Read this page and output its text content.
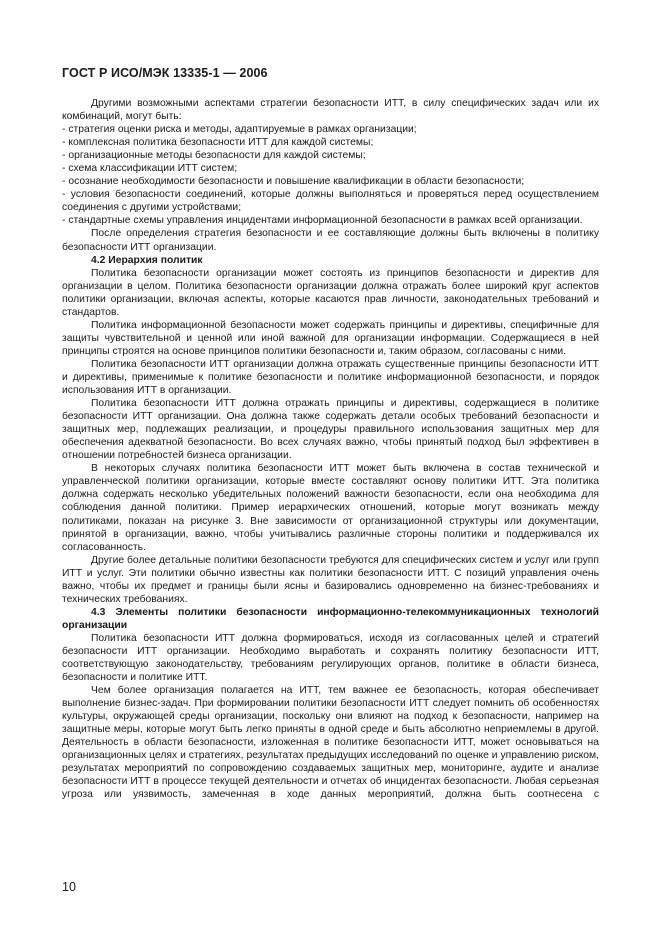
ГОСТ Р ИСО/МЭК 13335-1 — 2006

Другими возможными аспектами стратегии безопасности ИТТ, в силу специфических задач или их комбинаций, могут быть:

- стратегия оценки риска и методы, адаптируемые в рамках организации;

- комплексная политика безопасности ИТТ для каждой системы;

- организационные методы безопасности для каждой системы;

- схема классификации ИТТ систем;

- осознание необходимости безопасности и повышение квалификации в области безопасности;

- условия безопасности соединений, которые должны выполняться и проверяться перед осуществлением соединения с другими устройствами;

- стандартные схемы управления инцидентами информационной безопасности в рамках всей организации.

После определения стратегия безопасности и ее составляющие должны быть включены в политику безопасности ИТТ организации.

4.2 Иерархия политик

Политика безопасности организации может состоять из принципов безопасности и директив для организации в целом. Политика безопасности организации должна отражать более широкий круг аспектов политики организации, включая аспекты, которые касаются прав личности, законодательных требований и стандартов.

Политика информационной безопасности может содержать принципы и директивы, специфичные для защиты чувствительной и ценной или иной важной для организации информации. Содержащиеся в ней принципы строятся на основе принципов политики безопасности и, таким образом, согласованы с ними.

Политика безопасности ИТТ организации должна отражать существенные принципы безопасности ИТТ и директивы, применимые к политике безопасности и политике информационной безопасности, и порядок использования ИТТ в организации.

Политика безопасности ИТТ должна отражать принципы и директивы, содержащиеся в политике безопасности ИТТ организации. Она должна также содержать детали особых требований безопасности и защитных мер, подлежащих реализации, и процедуры правильного использования защитных мер для обеспечения адекватной безопасности. Во всех случаях важно, чтобы принятый подход был эффективен в отношении потребностей бизнеса организации.

В некоторых случаях политика безопасности ИТТ может быть включена в состав технической и управленческой политики организации, которые вместе составляют основу политики ИТТ. Эта политика должна содержать несколько убедительных положений важности безопасности, если она необходима для соблюдения данной политики. Пример иерархических отношений, которые могут возникать между политиками, показан на рисунке 3. Вне зависимости от организационной структуры или документации, принятой в организации, важно, чтобы учитывались различные стороны политики и поддерживался их согласованность.

Другие более детальные политики безопасности требуются для специфических систем и услуг или групп ИТТ и услуг. Эти политики обычно известны как политики безопасности ИТТ. С позиций управления очень важно, чтобы их предмет и границы были ясны и базировались одновременно на бизнес-требованиях и технических требованиях.

4.3 Элементы политики безопасности информационно-телекоммуникационных технологий организации

Политика безопасности ИТТ должна формироваться, исходя из согласованных целей и стратегий безопасности ИТТ организации. Необходимо выработать и сохранять политику безопасности ИТТ, соответствующую законодательству, требованиям регулирующих органов, политике в области бизнеса, безопасности и политике ИТТ.

Чем более организация полагается на ИТТ, тем важнее ее безопасность, которая обеспечивает выполнение бизнес-задач. При формировании политики безопасности ИТТ следует помнить об особенностях культуры, окружающей среды организации, поскольку они влияют на подход к безопасности, например на защитные меры, которые могут быть легко приняты в одной среде и быть абсолютно неприемлемы в другой. Деятельность в области безопасности, изложенная в политике безопасности ИТТ, может основываться на организационных целях и стратегиях, результатах предыдущих исследований по оценке и управлению риском, результатах мероприятий по сопровождению создаваемых защитных мер, мониторинге, аудите и анализе безопасности ИТТ в процессе текущей деятельности и отчетах об инцидентах безопасности. Любая серьезная угроза или уязвимость, замеченная в ходе данных мероприятий, должна быть соотнесена с

10
